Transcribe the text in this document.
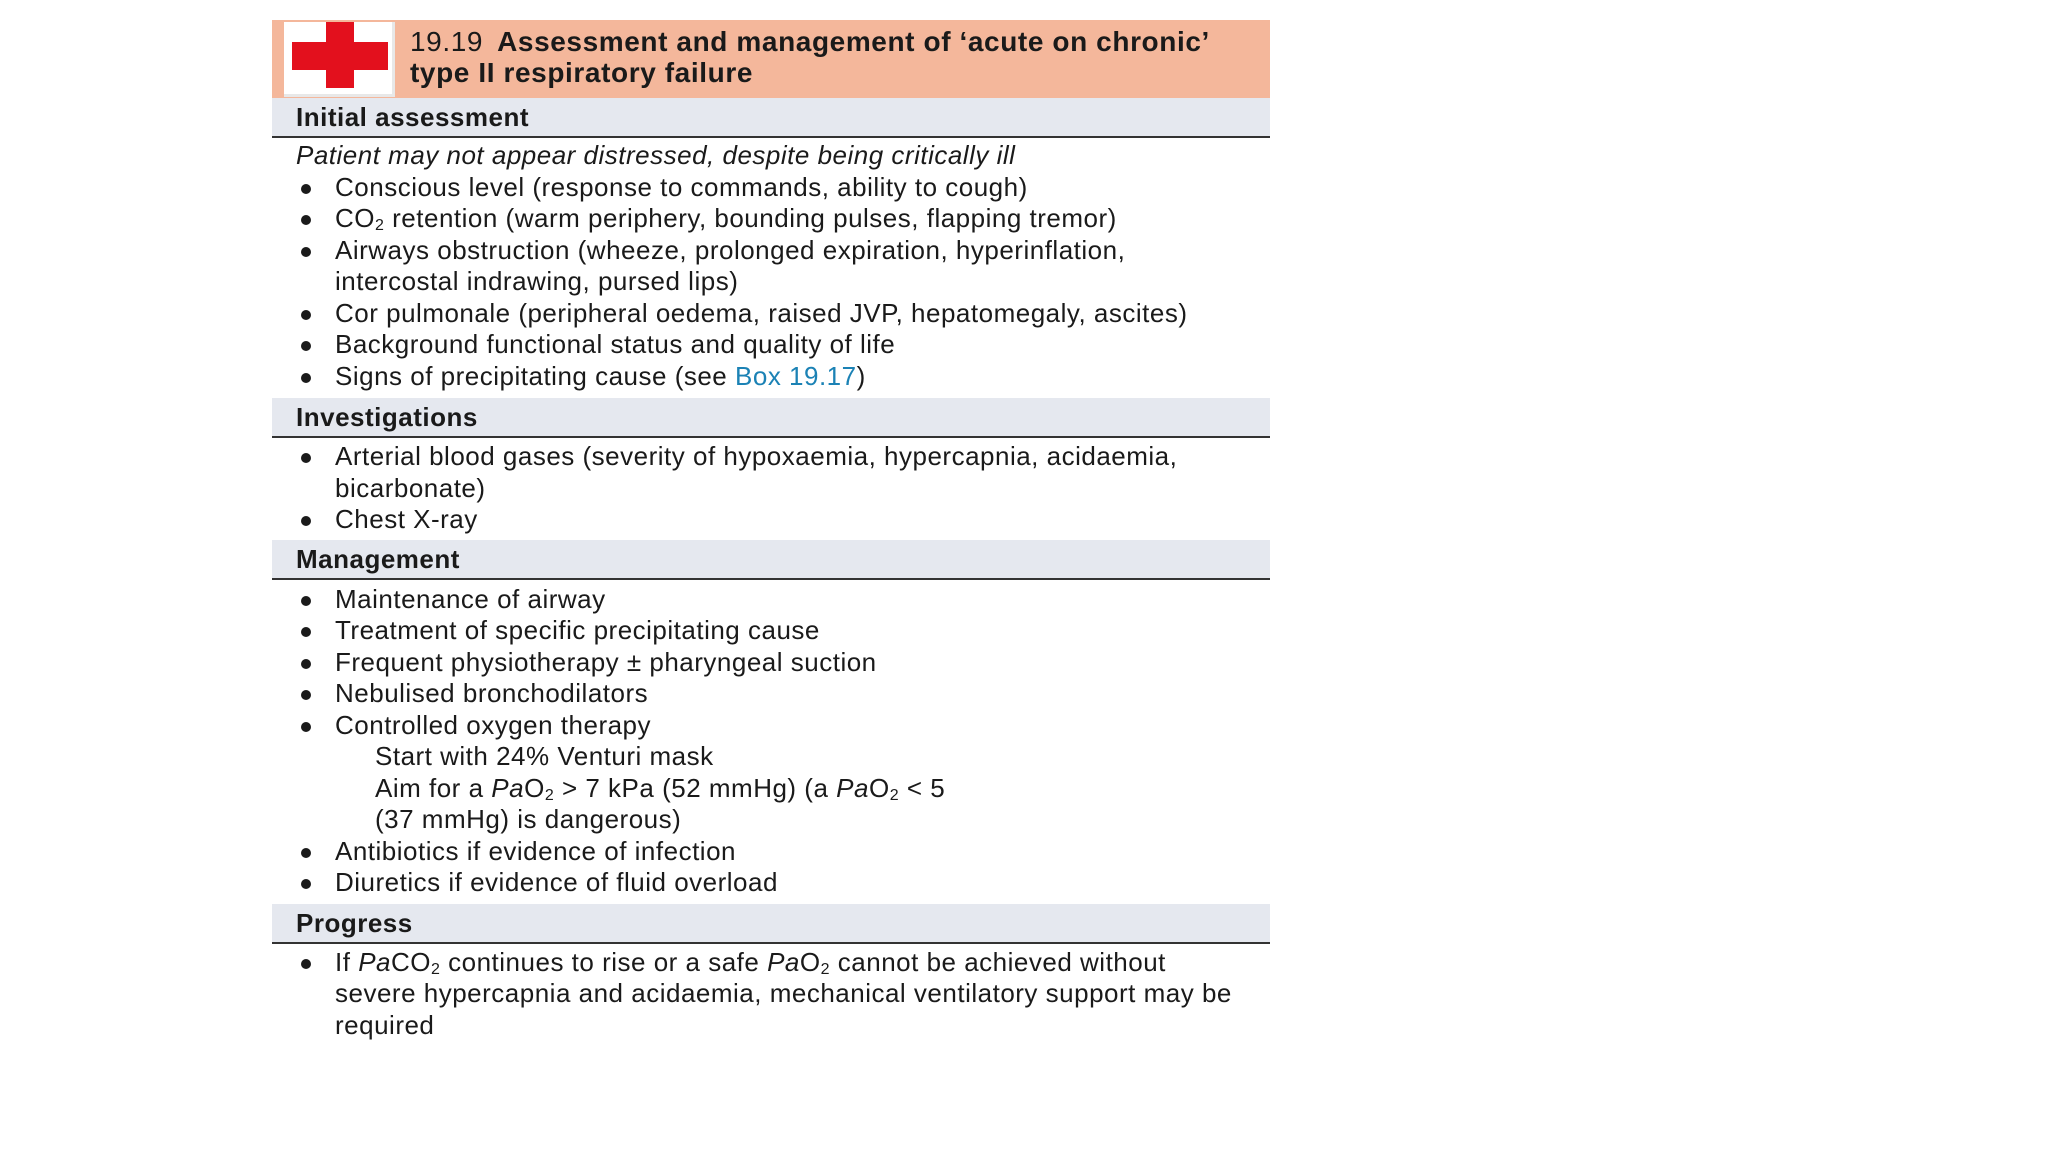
19.19 Assessment and management of ‘acute on chronic’ type II respiratory failure
Initial assessment
Patient may not appear distressed, despite being critically ill
Conscious level (response to commands, ability to cough)
$CO_2$ retention (warm periphery, bounding pulses, flapping tremor)
Airways obstruction (wheeze, prolonged expiration, hyperinflation, intercostal indrawing, pursed lips)
Cor pulmonale (peripheral oedema, raised JVP, hepatomegaly, ascites)
Background functional status and quality of life
Signs of precipitating cause (see Box 19.17)
Investigations
Arterial blood gases (severity of hypoxaemia, hypercapnia, acidaemia, bicarbonate)
Chest X-ray
Management
Maintenance of airway
Treatment of specific precipitating cause
Frequent physiotherapy ± pharyngeal suction
Nebulised bronchodilators
Controlled oxygen therapy
Start with 24% Venturi mask
Aim for a PaO$_2$ > 7 kPa (52 mmHg) (a PaO$_2$ < 5
(37 mmHg) is dangerous)
Antibiotics if evidence of infection
Diuretics if evidence of fluid overload
Progress
If PaCO$_2$ continues to rise or a safe PaO$_2$ cannot be achieved without severe hypercapnia and acidaemia, mechanical ventilatory support may be required
